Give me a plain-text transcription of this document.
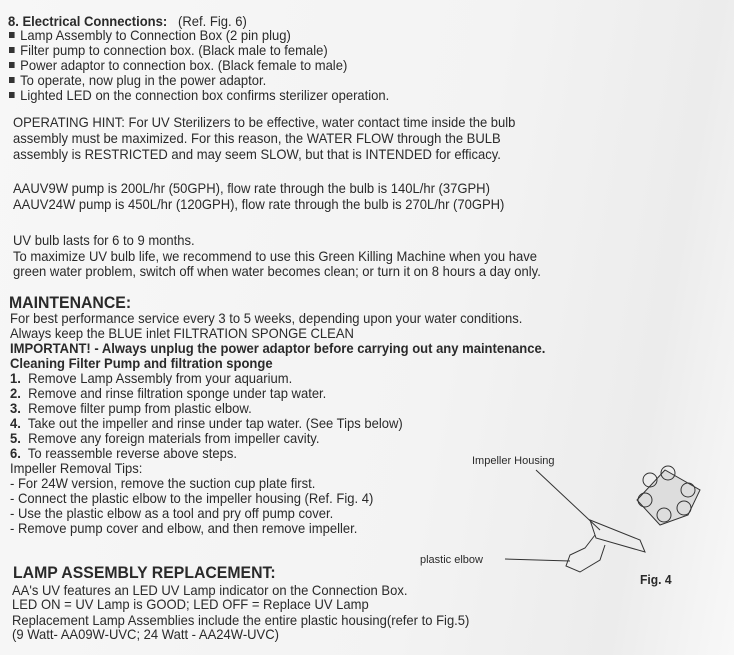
8. Electrical Connections: (Ref. Fig. 6)
Lamp Assembly to Connection Box (2 pin plug)
Filter pump to connection box. (Black male to female)
Power adaptor to connection box. (Black female to male)
To operate, now plug in the power adaptor.
Lighted LED on the connection box confirms sterilizer operation.
OPERATING HINT: For UV Sterilizers to be effective, water contact time inside the bulb
assembly must be maximized. For this reason, the WATER FLOW through the BULB
assembly is RESTRICTED and may seem SLOW, but that is INTENDED for efficacy.
AAUV9W pump is 200L/hr (50GPH), flow rate through the bulb is 140L/hr (37GPH)
AAUV24W pump is 450L/hr (120GPH), flow rate through the bulb is 270L/hr (70GPH)
UV bulb lasts for 6 to 9 months.
To maximize UV bulb life, we recommend to use this Green Killing Machine when you have
green water problem, switch off when water becomes clean; or turn it on 8 hours a day only.
MAINTENANCE:
For best performance service every 3 to 5 weeks, depending upon your water conditions.
Always keep the BLUE inlet FILTRATION SPONGE CLEAN
IMPORTANT! - Always unplug the power adaptor before carrying out any maintenance.
Cleaning Filter Pump and filtration sponge
1. Remove Lamp Assembly from your aquarium.
2. Remove and rinse filtration sponge under tap water.
3. Remove filter pump from plastic elbow.
4. Take out the impeller and rinse under tap water. (See Tips below)
5. Remove any foreign materials from impeller cavity.
6. To reassemble reverse above steps.
Impeller Removal Tips:
- For 24W version, remove the suction cup plate first.
- Connect the plastic elbow to the impeller housing (Ref. Fig. 4)
- Use the plastic elbow as a tool and pry off pump cover.
- Remove pump cover and elbow, and then remove impeller.
Impeller Housing
plastic elbow
Fig. 4
LAMP ASSEMBLY REPLACEMENT:
AA's UV features an LED UV Lamp indicator on the Connection Box.
LED ON = UV Lamp is GOOD; LED OFF = Replace UV Lamp
Replacement Lamp Assemblies include the entire plastic housing(refer to Fig.5)
(9 Watt- AA09W-UVC; 24 Watt - AA24W-UVC)
